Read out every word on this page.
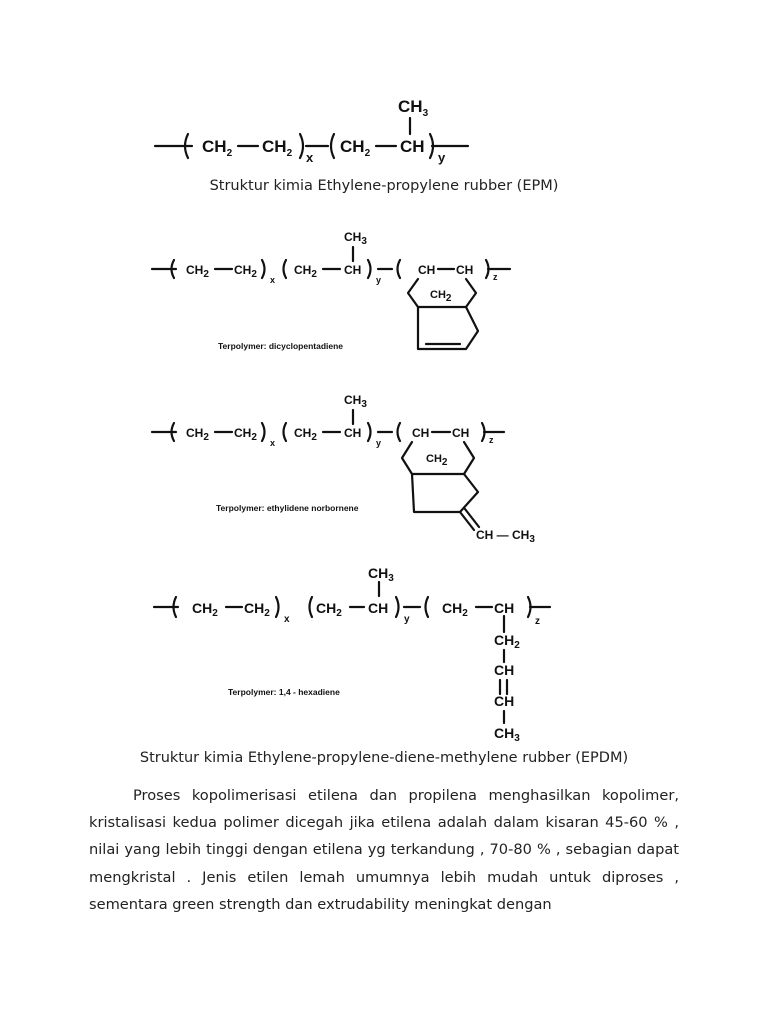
$CH_2$ $CH_2$ x
$CH_2$ CH
$CH_3$
y
Struktur kimia Ethylene-propylene rubber (EPM)
$CH_2$ $CH_2$ x
$CH_2$ CH
$CH_3$
y
CH CH z
CH2
Terpolymer: dicyclopentadiene
$CH_2$ $CH_2$ x
$CH_2$ CH
$CH_3$
y
CH CH z
CH2
CH — $CH_3$
Terpolymer: ethylidene norbornene
$CH_2$ $CH_2$
x
$CH_2$ CH
$CH_3$
y
$CH_2$ CH
z
$CH_2$
CH
CH
$CH_3$
Terpolymer: 1,4 - hexadiene
Struktur kimia Ethylene-propylene-diene-methylene rubber (EPDM)
Proses kopolimerisasi etilena dan propilena menghasilkan kopolimer, kristalisasi kedua polimer dicegah jika etilena adalah dalam kisaran 45-60 % , nilai yang lebih tinggi dengan etilena yg terkandung , 70-80 % , sebagian dapat mengkristal . Jenis etilen lemah umumnya lebih mudah untuk diproses , sementara green strength dan extrudability meningkat dengan
